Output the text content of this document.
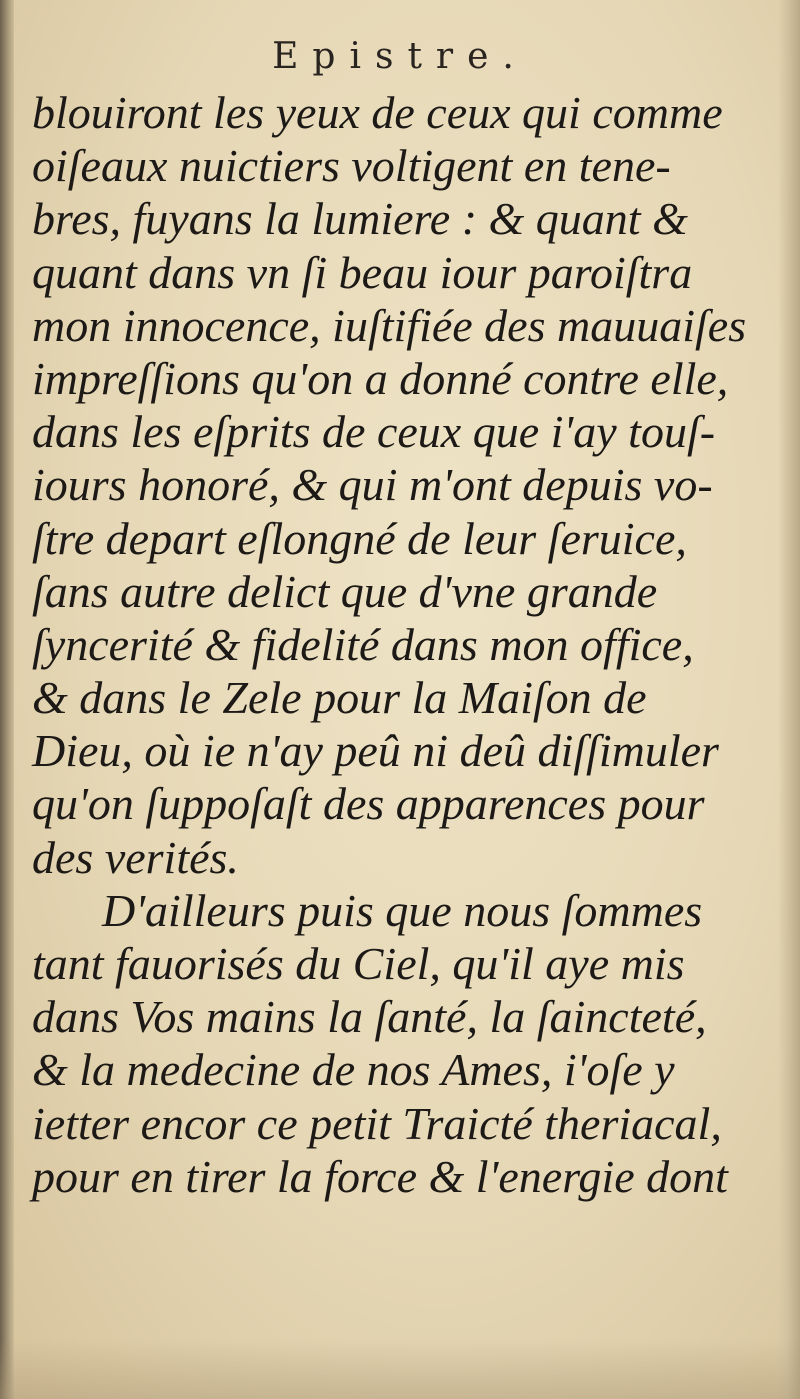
Epistre.
blouiront les yeux de ceux qui comme
oiſeaux nuictiers voltigent en tene-
bres, fuyans la lumiere : & quant &
quant dans vn ſi beau iour paroiſtra
mon innocence, iuſtifiée des mauuaiſes
impreſſions qu'on a donné contre elle,
dans les eſprits de ceux que i'ay touſ-
iours honoré, & qui m'ont depuis vo-
ſtre depart eſlongné de leur ſeruice,
ſans autre delict que d'vne grande
ſyncerité & fidelité dans mon office,
& dans le Zele pour la Maiſon de
Dieu, où ie n'ay peû ni deû diſſimuler
qu'on ſuppoſaſt des apparences pour
des verités.
D'ailleurs puis que nous ſommes
tant fauorisés du Ciel, qu'il aye mis
dans Vos mains la ſanté, la ſaincteté,
& la medecine de nos Ames, i'oſe y
ietter encor ce petit Traicté theriacal,
pour en tirer la force & l'energie dont
